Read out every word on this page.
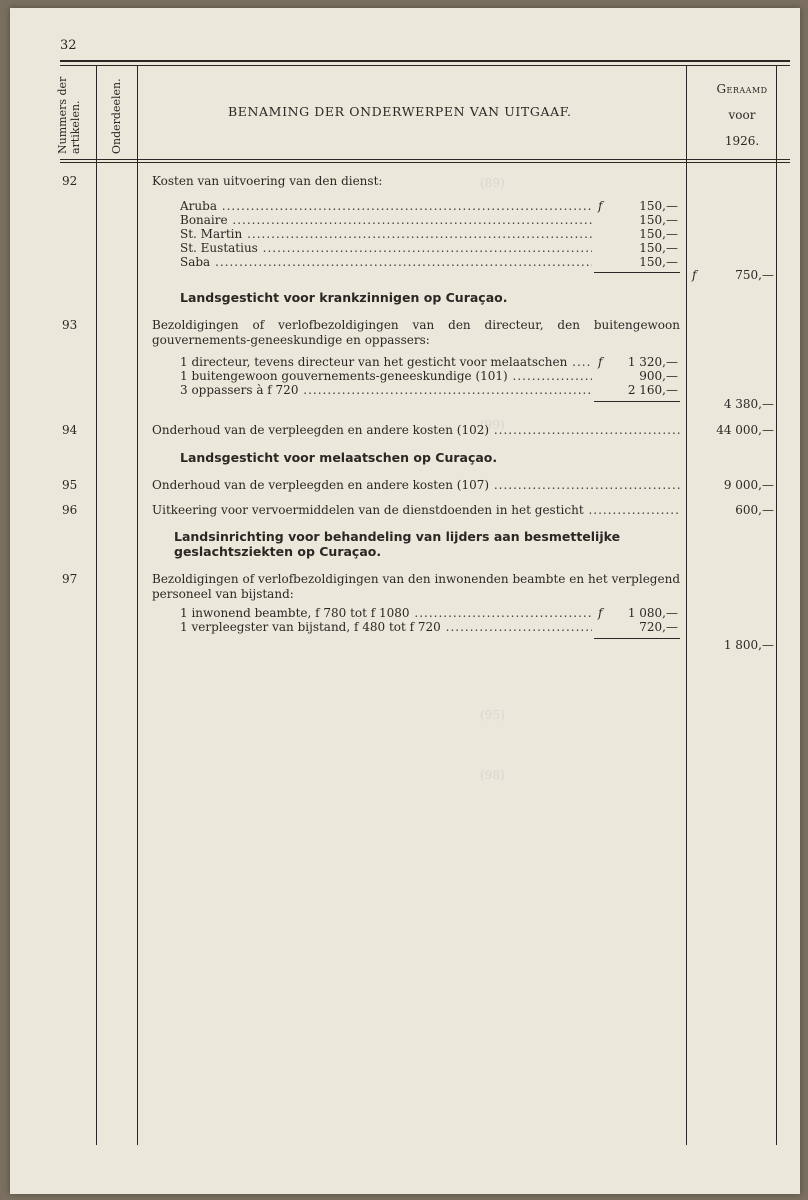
(89)
(99)
(95)
(98)
32
Nummers der artikelen.	Onderdeelen.	BENAMING DER ONDERWERPEN VAN UITGAAF.
Geraamd
voor
1926.
92	Kosten van uitvoering van den dienst:
Aruba .....	f	150,—
Bonaire .....	150,—
St. Martin .....	150,—
St. Eustatius .....	150,—
Saba .....	150,—
f	750,—
Landsgesticht voor krankzinnigen op Curaçao.
93	Bezoldigingen of verlofbezoldigingen van den directeur, den buitengewoon gouvernements-geneeskundige en oppassers:
1 directeur, tevens directeur van het gesticht voor melaatschen .....	f	1 320,—
1 buitengewoon gouvernements-geneeskundige (101) .....	900,—
3 oppassers à f 720 .....	2 160,—
4 380,—
94	Onderhoud van de verpleegden en andere kosten (102) .....	44 000,—
Landsgesticht voor melaatschen op Curaçao.
95	Onderhoud van de verpleegden en andere kosten (107) .....	9 000,—
96	Uitkeering voor vervoermiddelen van de dienstdoenden in het gesticht .....	600,—
Landsinrichting voor behandeling van lijders aan besmettelijke geslachtsziekten op Curaçao.
97	Bezoldigingen of verlofbezoldigingen van den inwonenden beambte en het verplegend personeel van bijstand:
1 inwonend beambte, f 780 tot f 1080 .....	f	1 080,—
1 verpleegster van bijstand, f 480 tot f 720 .....	720,—
1 800,—
